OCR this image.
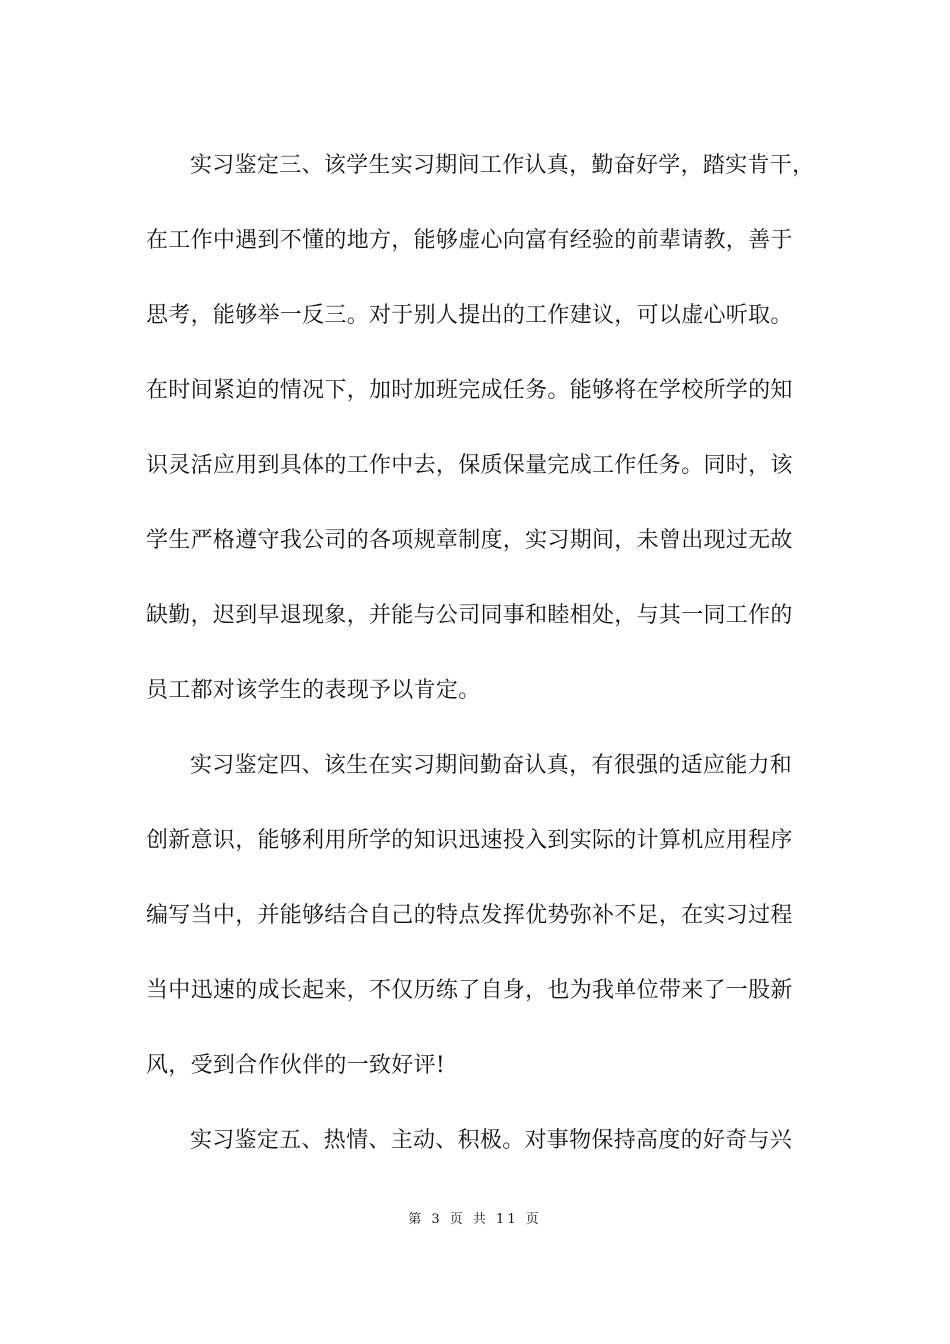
实习鉴定三、该学生实习期间工作认真，勤奋好学，踏实肯干，

在工作中遇到不懂的地方，能够虚心向富有经验的前辈请教，善于

思考，能够举一反三。对于别人提出的工作建议，可以虚心听取。

在时间紧迫的情况下，加时加班完成任务。能够将在学校所学的知

识灵活应用到具体的工作中去，保质保量完成工作任务。同时，该

学生严格遵守我公司的各项规章制度，实习期间，未曾出现过无故

缺勤，迟到早退现象，并能与公司同事和睦相处，与其一同工作的

员工都对该学生的表现予以肯定。

实习鉴定四、该生在实习期间勤奋认真，有很强的适应能力和

创新意识，能够利用所学的知识迅速投入到实际的计算机应用程序

编写当中，并能够结合自己的特点发挥优势弥补不足，在实习过程

当中迅速的成长起来，不仅历练了自身，也为我单位带来了一股新

风，受到合作伙伴的一致好评!

实习鉴定五、热情、主动、积极。对事物保持高度的好奇与兴

第 3 页 共 11 页
